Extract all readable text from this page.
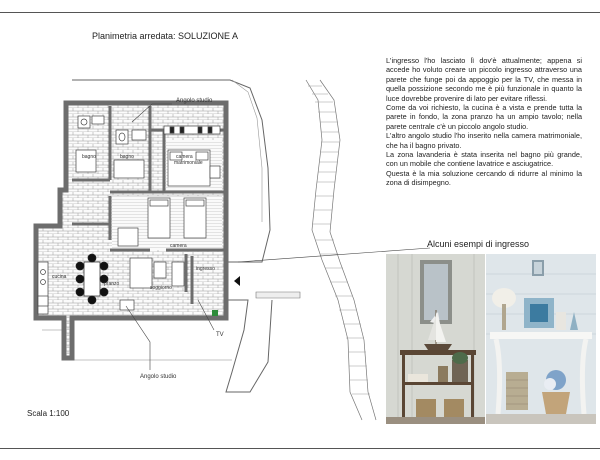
Planimetria arredata: SOLUZIONE A
Angolo studio
bagno	bagno	camera
matrimoniale
camera
cucina
pranzo
soggiorno
ingresso
TV
Angolo studio

L'ingresso l'ho lasciato lì dov'è attualmente; appena si accede ho voluto creare un piccolo ingresso attraverso una parete che funge poi da appoggio per la TV, che messa in quella possizione secondo me è più funzionale in quanto la luce dovrebbe provenire di lato per evitare riflessi.

Come da voi richiesto, la cucina è a vista e prende tutta la parete in fondo, la zona pranzo ha un ampio tavolo; nella parete centrale c'è un piccolo angolo studio.

L'altro angolo studio l'ho inserito nella camera matrimoniale, che ha il bagno privato.

La zona lavanderia è stata inserita nel bagno più grande, con un mobile che contiene lavatrice e asciugatrice.

Questa è la mia soluzione cercando di ridurre al minimo la zona di disimpegno.

Alcuni esempi di ingresso
Scala 1:100
